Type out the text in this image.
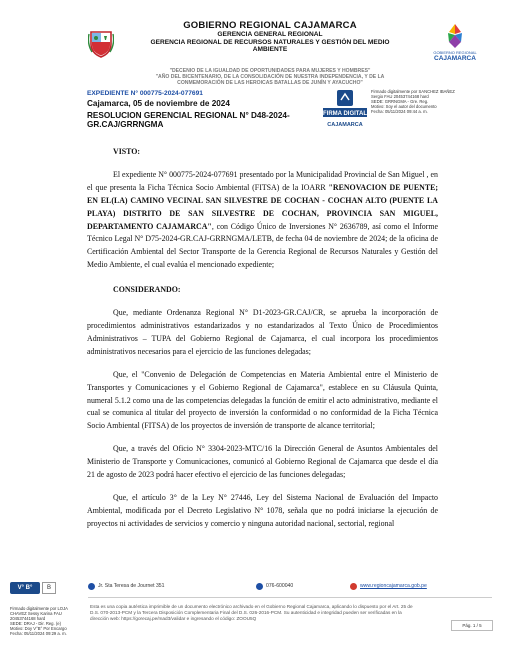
GOBIERNO REGIONAL CAJAMARCA
GERENCIA GENERAL REGIONAL
GERENCIA REGIONAL DE RECURSOS NATURALES Y GESTIÓN DEL MEDIO
AMBIENTE	GOBIERNO REGIONAL
CAJAMARCA
"DECENIO DE LA IGUALDAD DE OPORTUNIDADES PARA MUJERES Y HOMBRES"
"AÑO DEL BICENTENARIO, DE LA CONSOLIDACIÓN DE NUESTRA INDEPENDENCIA, Y DE LA
CONMEMORACIÓN DE LAS HEROICAS BATALLAS DE JUNÍN Y AYACUCHO"
EXPEDIENTE N° 000775-2024-077691
Cajamarca, 05 de noviembre de 2024
RESOLUCION GERENCIAL REGIONAL N° D48-2024-GR.CAJ/GRRNGMA
FIRMA DIGITAL
CAJAMARCA
Firmado digitalmente por SANCHEZ IBAÑEZ
Sergio FAU 20453744168 hard
SEDE: GRRNGMA - Gre. Reg.
Motivo: Soy el autor del documento
Fecha: 05/11/2024 09:44 a. m.

VISTO:

El expediente N° 000775-2024-077691 presentado por la Municipalidad Provincial de San Miguel , en el que presenta la Ficha Técnica Socio Ambiental (FITSA) de la IOARR "RENOVACION DE PUENTE; EN EL(LA) CAMINO VECINAL SAN SILVESTRE DE COCHAN - COCHAN ALTO (PUENTE LA PLAYA) DISTRITO DE SAN SILVESTRE DE COCHAN, PROVINCIA SAN MIGUEL, DEPARTAMENTO CAJAMARCA", con Código Único de Inversiones N° 2636789, así como el Informe Técnico Legal N° D75-2024-GR.CAJ-GRRNGMA/LETB, de fecha 04 de noviembre de 2024; de la oficina de Certificación Ambiental del Sector Transporte de la Gerencia Regional de Recursos Naturales y Gestión del Medio Ambiente, el cual evalúa el mencionado expediente;

CONSIDERANDO:

Que, mediante Ordenanza Regional N° D1-2023-GR.CAJ/CR, se aprueba la incorporación de procedimientos administrativos estandarizados y no estandarizados al Texto Único de Procedimientos Administrativos – TUPA del Gobierno Regional de Cajamarca, el cual incorpora los procedimientos administrativos necesarios para el ejercicio de las funciones delegadas;

Que, el "Convenio de Delegación de Competencias en Materia Ambiental entre el Ministerio de Transportes y Comunicaciones y el Gobierno Regional de Cajamarca", establece en su Cláusula Quinta, numeral 5.1.2 como una de las competencias delegadas la función de emitir el acto administrativo, mediante el cual se comunica al titular del proyecto de inversión la conformidad o no conformidad de la Ficha Técnica Socio Ambiental (FITSA) de los proyectos de inversión de transporte de alcance territorial;

Que, a través del Oficio N° 3304-2023-MTC/16 la Dirección General de Asuntos Ambientales del Ministerio de Transporte y Comunicaciones, comunicó al Gobierno Regional de Cajamarca que desde el día 21 de agosto de 2023 podrá hacer efectivo el ejercicio de las funciones delegadas;

Que, el artículo 3° de la Ley N° 27446, Ley del Sistema Nacional de Evaluación del Impacto Ambiental, modificada por el Decreto Legislativo N° 1078, señala que no podrá iniciarse la ejecución de proyectos ni actividades de servicios y comercio y ninguna autoridad nacional, sectorial, regional

V° B°	B	Jr. Sta Teresa de Journet 351	076-600040	www.regioncajamarca.gob.pe
Firmado digitalmente por LOJA
CHAVEZ Sessy Karina FAU
20453744168 hard
SEDE: DRAJ - Dir. Reg. (e)
Motivo: Doy V°B° Por Encargo
Fecha: 05/11/2024 09:29 a. m.
Esta es una copia auténtica imprimible de un documento electrónico archivado en el Gobierno Regional Cajamarca, aplicando lo dispuesto por el Art. 25 de D.S. 070-2013-PCM y la Tercera Disposición Complementaria Final del D.S. 026-2016-PCM. Su autenticidad e integridad pueden ser verificadas en la dirección web: https://gorecaj.pe/mad3/validar e ingresando el código: ZOOU5Q
Pág. 1 / 5
